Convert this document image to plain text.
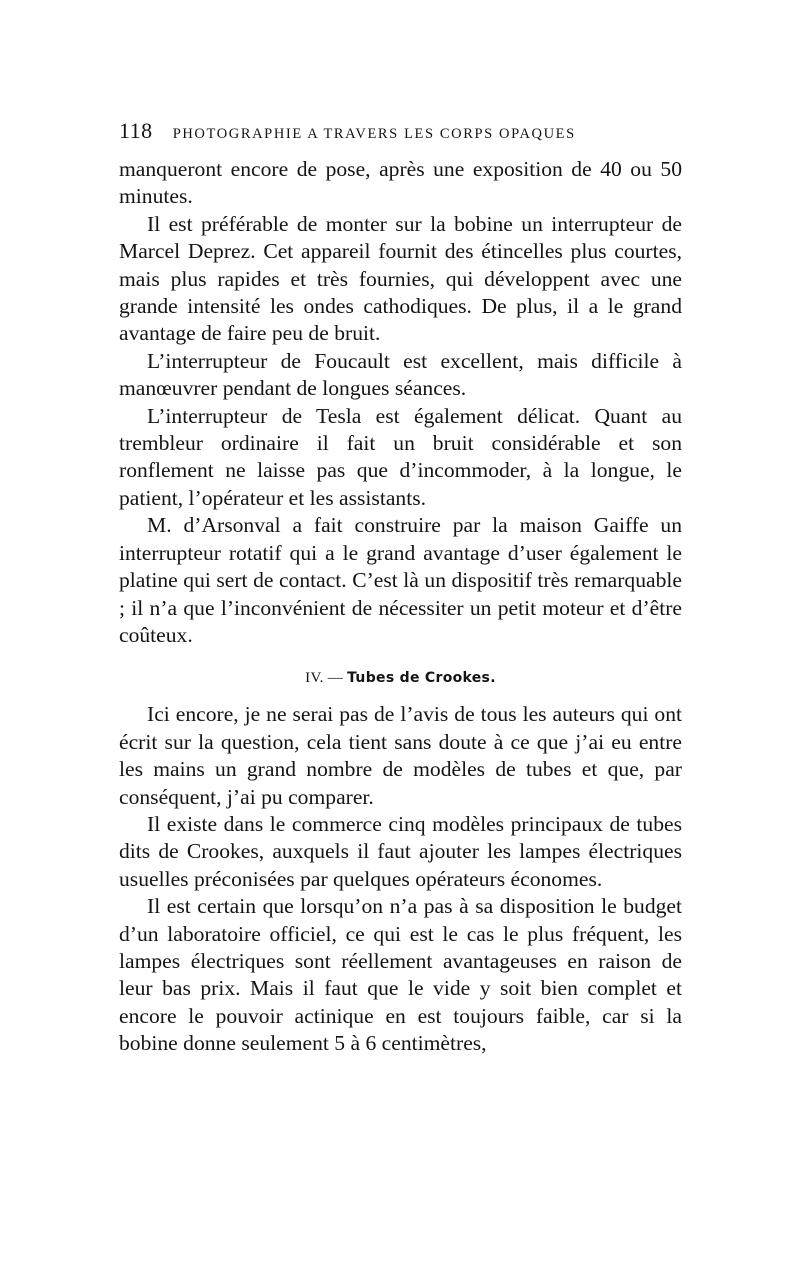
118 PHOTOGRAPHIE A TRAVERS LES CORPS OPAQUES

manqueront encore de pose, après une exposition de 40 ou 50 minutes.

Il est préférable de monter sur la bobine un interrupteur de Marcel Deprez. Cet appareil fournit des étincelles plus courtes, mais plus rapides et très fournies, qui développent avec une grande intensité les ondes cathodiques. De plus, il a le grand avantage de faire peu de bruit.

L’interrupteur de Foucault est excellent, mais difficile à manœuvrer pendant de longues séances.

L’interrupteur de Tesla est également délicat. Quant au trembleur ordinaire il fait un bruit considérable et son ronflement ne laisse pas que d’incommoder, à la longue, le patient, l’opérateur et les assistants.

M. d’Arsonval a fait construire par la maison Gaiffe un interrupteur rotatif qui a le grand avantage d’user également le platine qui sert de contact. C’est là un dispositif très remarquable ; il n’a que l’inconvénient de nécessiter un petit moteur et d’être coûteux.

IV. — Tubes de Crookes.

Ici encore, je ne serai pas de l’avis de tous les auteurs qui ont écrit sur la question, cela tient sans doute à ce que j’ai eu entre les mains un grand nombre de modèles de tubes et que, par conséquent, j’ai pu comparer.

Il existe dans le commerce cinq modèles principaux de tubes dits de Crookes, auxquels il faut ajouter les lampes électriques usuelles préconisées par quelques opérateurs économes.

Il est certain que lorsqu’on n’a pas à sa disposition le budget d’un laboratoire officiel, ce qui est le cas le plus fréquent, les lampes électriques sont réellement avantageuses en raison de leur bas prix. Mais il faut que le vide y soit bien complet et encore le pouvoir actinique en est toujours faible, car si la bobine donne seulement 5 à 6 centimètres,
